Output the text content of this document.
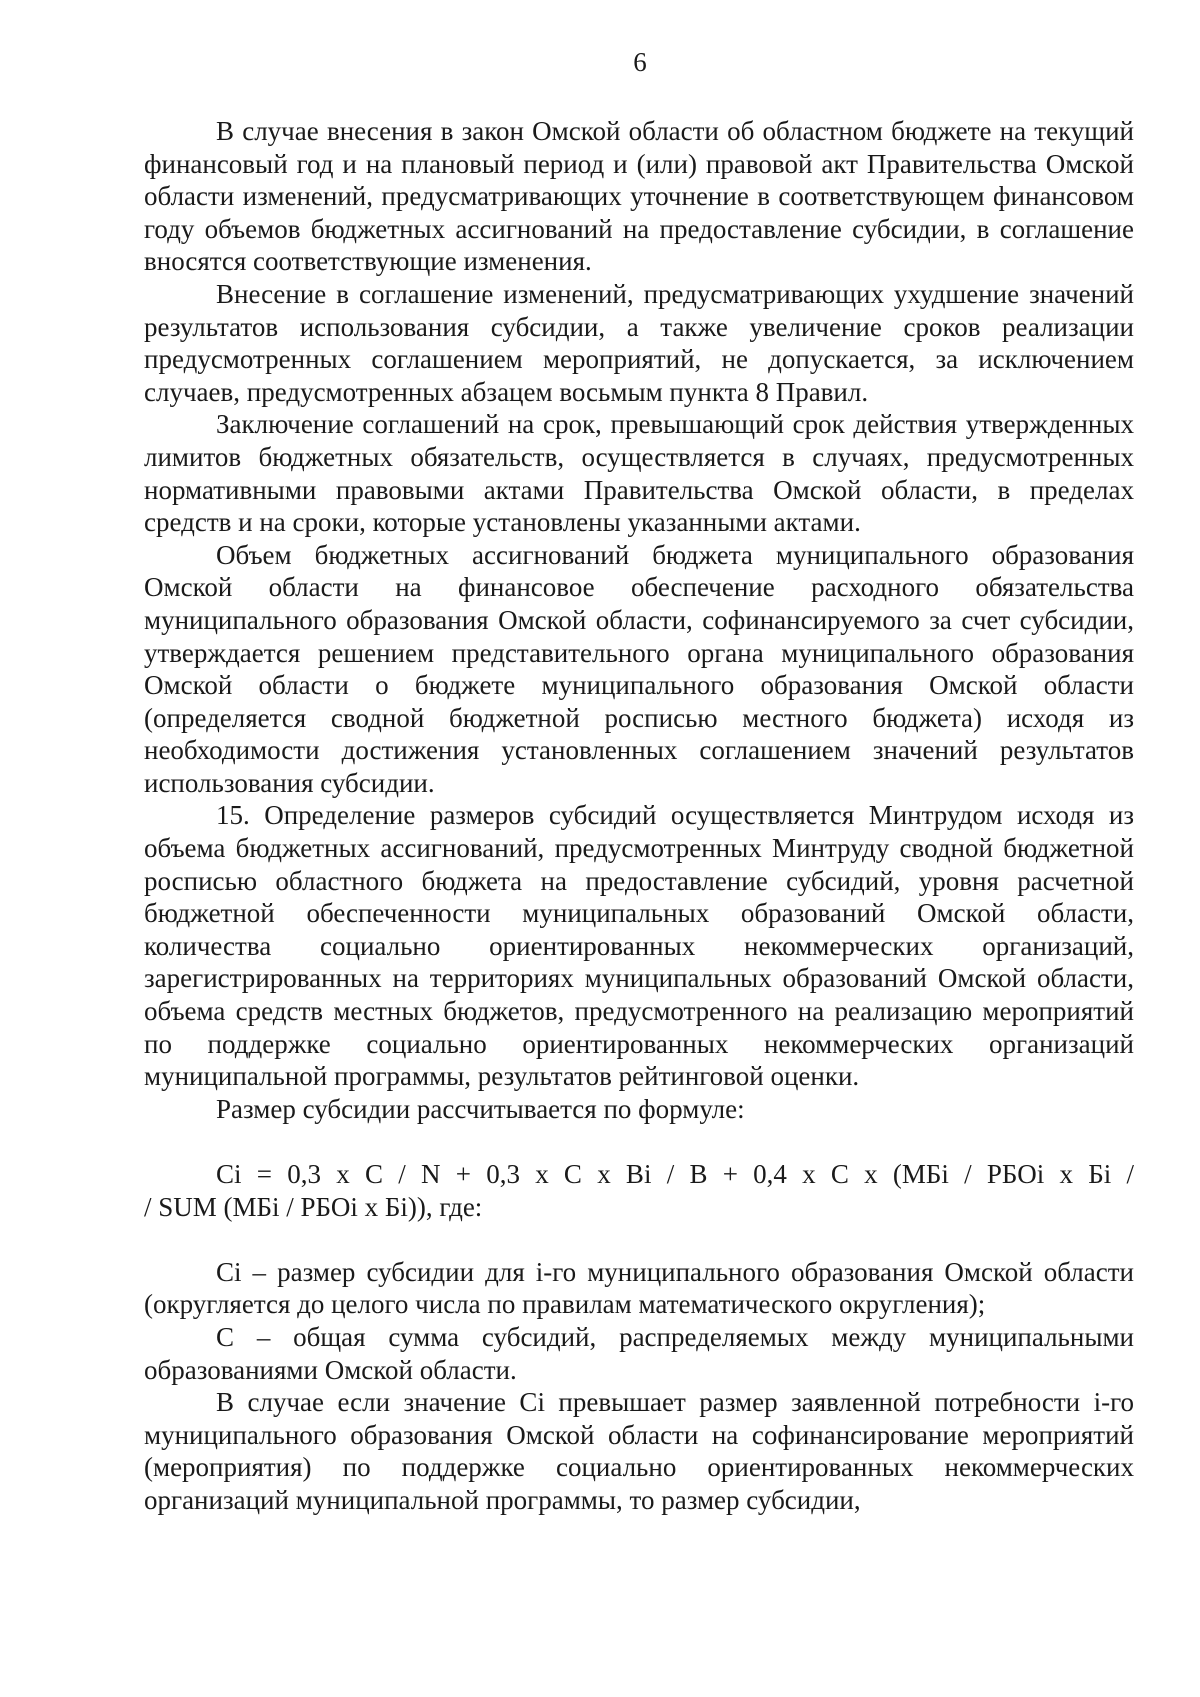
6

В случае внесения в закон Омской области об областном бюджете на текущий финансовый год и на плановый период и (или) правовой акт Правительства Омской области изменений, предусматривающих уточнение в соответствующем финансовом году объемов бюджетных ассигнований на предоставление субсидии, в соглашение вносятся соответствующие изменения.

Внесение в соглашение изменений, предусматривающих ухудшение значений результатов использования субсидии, а также увеличение сроков реализации предусмотренных соглашением мероприятий, не допускается, за исключением случаев, предусмотренных абзацем восьмым пункта 8 Правил.

Заключение соглашений на срок, превышающий срок действия утвержденных лимитов бюджетных обязательств, осуществляется в случаях, предусмотренных нормативными правовыми актами Правительства Омской области, в пределах средств и на сроки, которые установлены указанными актами.

Объем бюджетных ассигнований бюджета муниципального образования Омской области на финансовое обеспечение расходного обязательства муниципального образования Омской области, софинансируемого за счет субсидии, утверждается решением представительного органа муниципального образования Омской области о бюджете муниципального образования Омской области (определяется сводной бюджетной росписью местного бюджета) исходя из необходимости достижения установленных соглашением значений результатов использования субсидии.

15. Определение размеров субсидий осуществляется Минтрудом исходя из объема бюджетных ассигнований, предусмотренных Минтруду сводной бюджетной росписью областного бюджета на предоставление субсидий, уровня расчетной бюджетной обеспеченности муниципальных образований Омской области, количества социально ориентированных некоммерческих организаций, зарегистрированных на территориях муниципальных образований Омской области, объема средств местных бюджетов, предусмотренного на реализацию мероприятий по поддержке социально ориентированных некоммерческих организаций муниципальной программы, результатов рейтинговой оценки.

Размер субсидии рассчитывается по формуле:

Ci = 0,3 x C / N + 0,3 x C x Bi / B + 0,4 x C x (МБi / РБОi x Бi /

/ SUM (МБi / РБОi x Бi)), где:

Ci – размер субсидии для i-го муниципального образования Омской области (округляется до целого числа по правилам математического округления);

C – общая сумма субсидий, распределяемых между муниципальными образованиями Омской области.

В случае если значение Ci превышает размер заявленной потребности i-го муниципального образования Омской области на софинансирование мероприятий (мероприятия) по поддержке социально ориентированных некоммерческих организаций муниципальной программы, то размер субсидии,
